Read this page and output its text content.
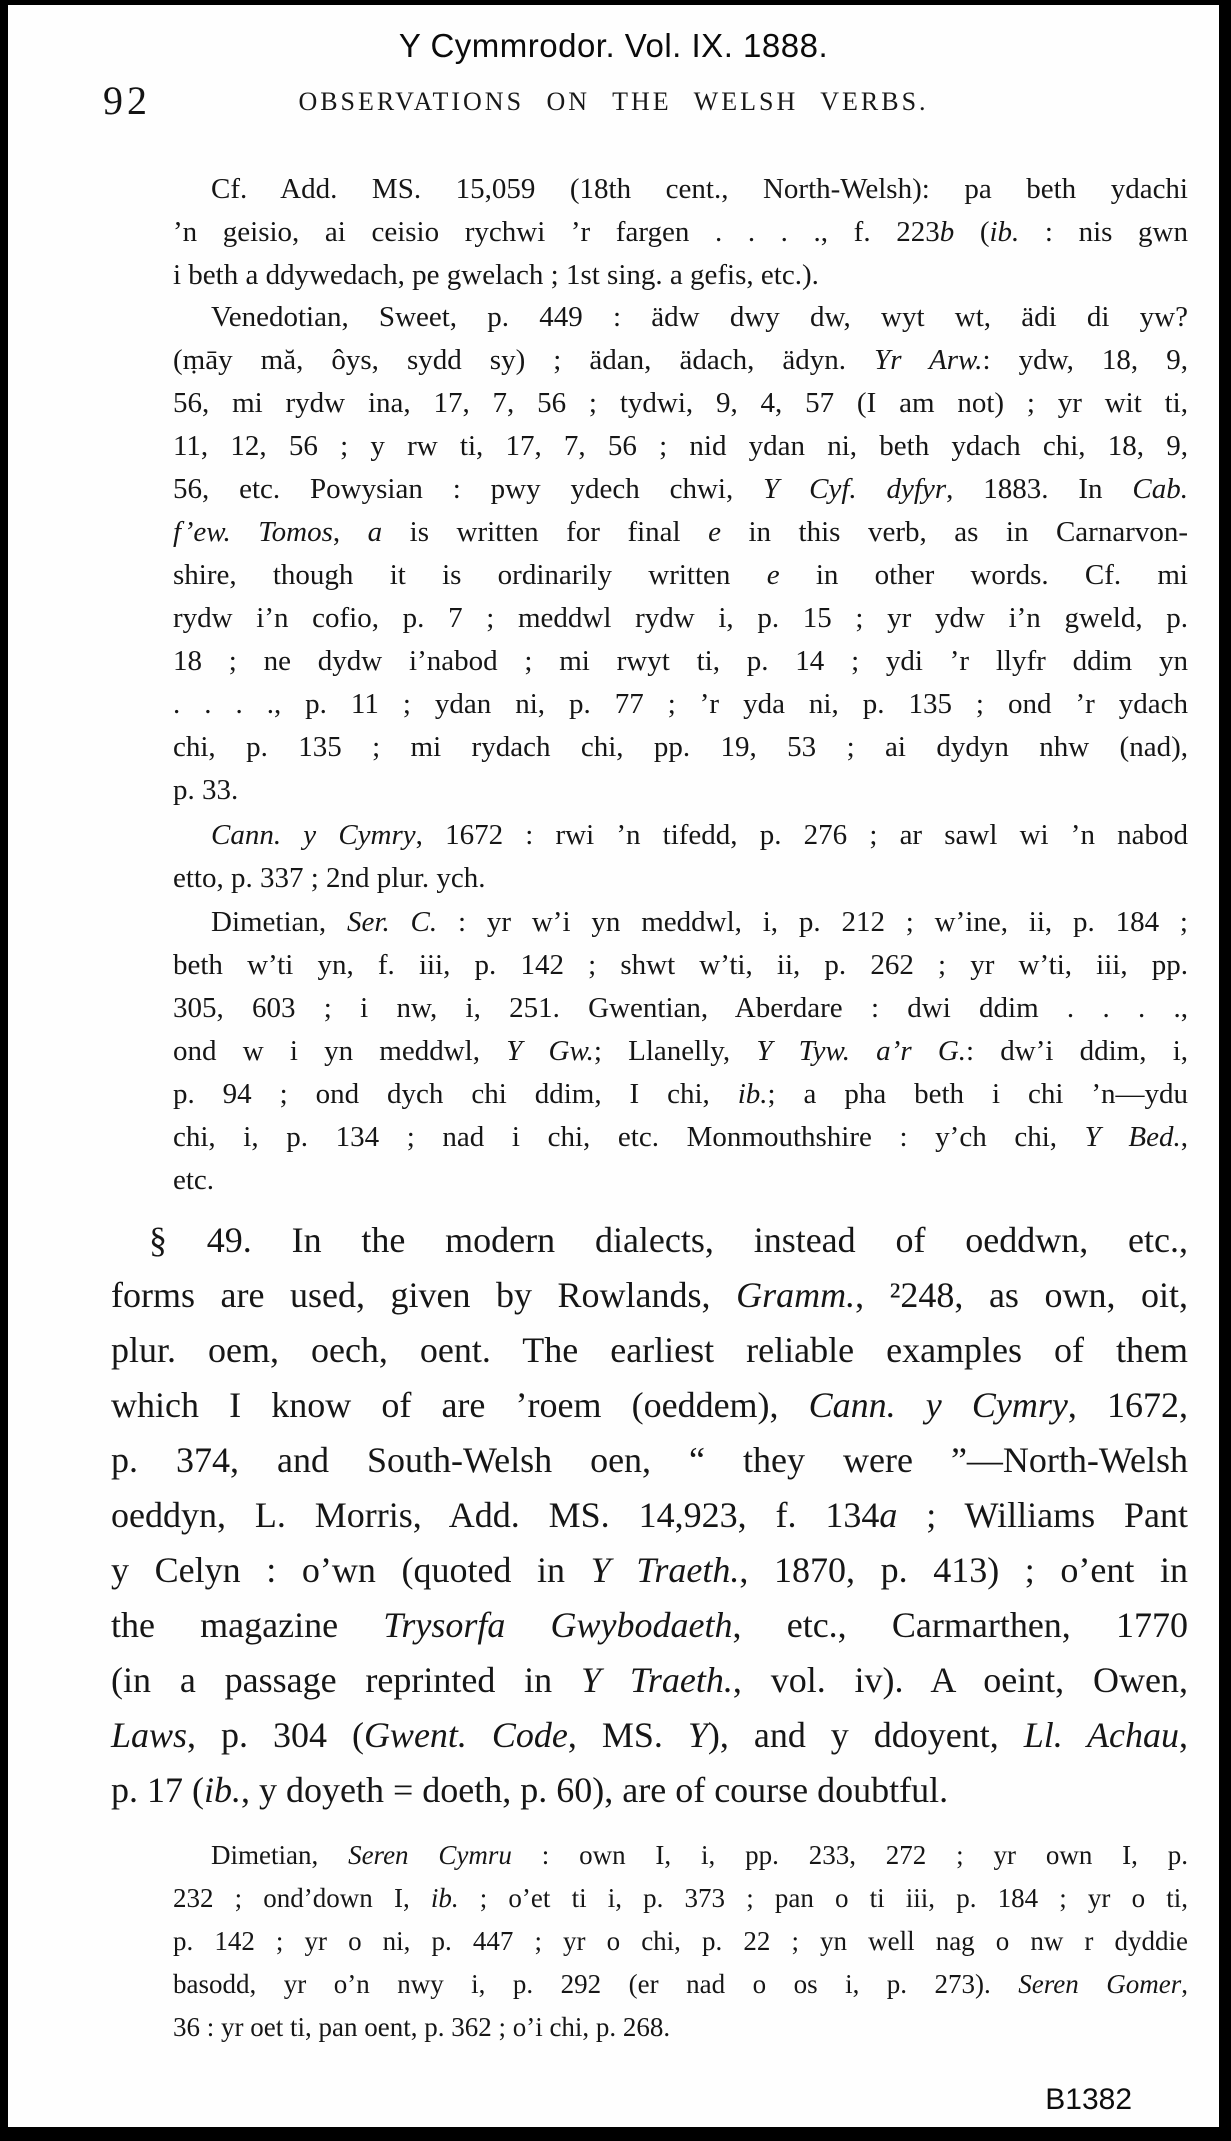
Y Cymmrodor. Vol. IX. 1888.
92	OBSERVATIONS ON THE WELSH VERBS.
Cf. Add. MS. 15,059 (18th cent., North-Welsh): pa beth ydachi
’n geisio, ai ceisio rychwi ’r fargen . . . ., f. 223b (ib. : nis gwn
i beth a ddywedach, pe gwelach ; 1st sing. a gefis, etc.).
Venedotian, Sweet, p. 449 : ädw dwy dw, wyt wt, ädi di yw?
(ṃāy mă, ôys, sydd sy) ; ädan, ädach, ädyn. Yr Arw.: ydw, 18, 9,
56, mi rydw ina, 17, 7, 56 ; tydwi, 9, 4, 57 (I am not) ; yr wit ti,
11, 12, 56 ; y rw ti, 17, 7, 56 ; nid ydan ni, beth ydach chi, 18, 9,
56, etc. Powysian : pwy ydech chwi, Y Cyf. dyfyr, 1883. In Cab.
f’ew. Tomos, a is written for final e in this verb, as in Carnarvon-
shire, though it is ordinarily written e in other words. Cf. mi
rydw i’n cofio, p. 7 ; meddwl rydw i, p. 15 ; yr ydw i’n gweld, p.
18 ; ne dydw i’nabod ; mi rwyt ti, p. 14 ; ydi ’r llyfr ddim yn
. . . ., p. 11 ; ydan ni, p. 77 ; ’r yda ni, p. 135 ; ond ’r ydach
chi, p. 135 ; mi rydach chi, pp. 19, 53 ; ai dydyn nhw (nad),
p. 33.
Cann. y Cymry, 1672 : rwi ’n tifedd, p. 276 ; ar sawl wi ’n nabod
etto, p. 337 ; 2nd plur. ych.
Dimetian, Ser. C. : yr w’i yn meddwl, i, p. 212 ; w’ine, ii, p. 184 ;
beth w’ti yn, f. iii, p. 142 ; shwt w’ti, ii, p. 262 ; yr w’ti, iii, pp.
305, 603 ; i nw, i, 251. Gwentian, Aberdare : dwi ddim . . . .,
ond w i yn meddwl, Y Gw.; Llanelly, Y Tyw. a’r G.: dw’i ddim, i,
p. 94 ; ond dych chi ddim, I chi, ib.; a pha beth i chi ’n—ydu
chi, i, p. 134 ; nad i chi, etc. Monmouthshire : y’ch chi, Y Bed.,
etc.
§ 49. In the modern dialects, instead of oeddwn, etc.,
forms are used, given by Rowlands, Gramm., ²248, as own, oit,
plur. oem, oech, oent. The earliest reliable examples of them
which I know of are ’roem (oeddem), Cann. y Cymry, 1672,
p. 374, and South-Welsh oen, “ they were ”—North-Welsh
oeddyn, L. Morris, Add. MS. 14,923, f. 134a ; Williams Pant
y Celyn : o’wn (quoted in Y Traeth., 1870, p. 413) ; o’ent in
the magazine Trysorfa Gwybodaeth, etc., Carmarthen, 1770
(in a passage reprinted in Y Traeth., vol. iv). A oeint, Owen,
Laws, p. 304 (Gwent. Code, MS. Y), and y ddoyent, Ll. Achau,
p. 17 (ib., y doyeth = doeth, p. 60), are of course doubtful.
Dimetian, Seren Cymru : own I, i, pp. 233, 272 ; yr own I, p.
232 ; ond’down I, ib. ; o’et ti i, p. 373 ; pan o ti iii, p. 184 ; yr o ti,
p. 142 ; yr o ni, p. 447 ; yr o chi, p. 22 ; yn well nag o nw r dyddie
basodd, yr o’n nwy i, p. 292 (er nad o os i, p. 273). Seren Gomer,
36 : yr oet ti, pan oent, p. 362 ; o’i chi, p. 268.
B1382
